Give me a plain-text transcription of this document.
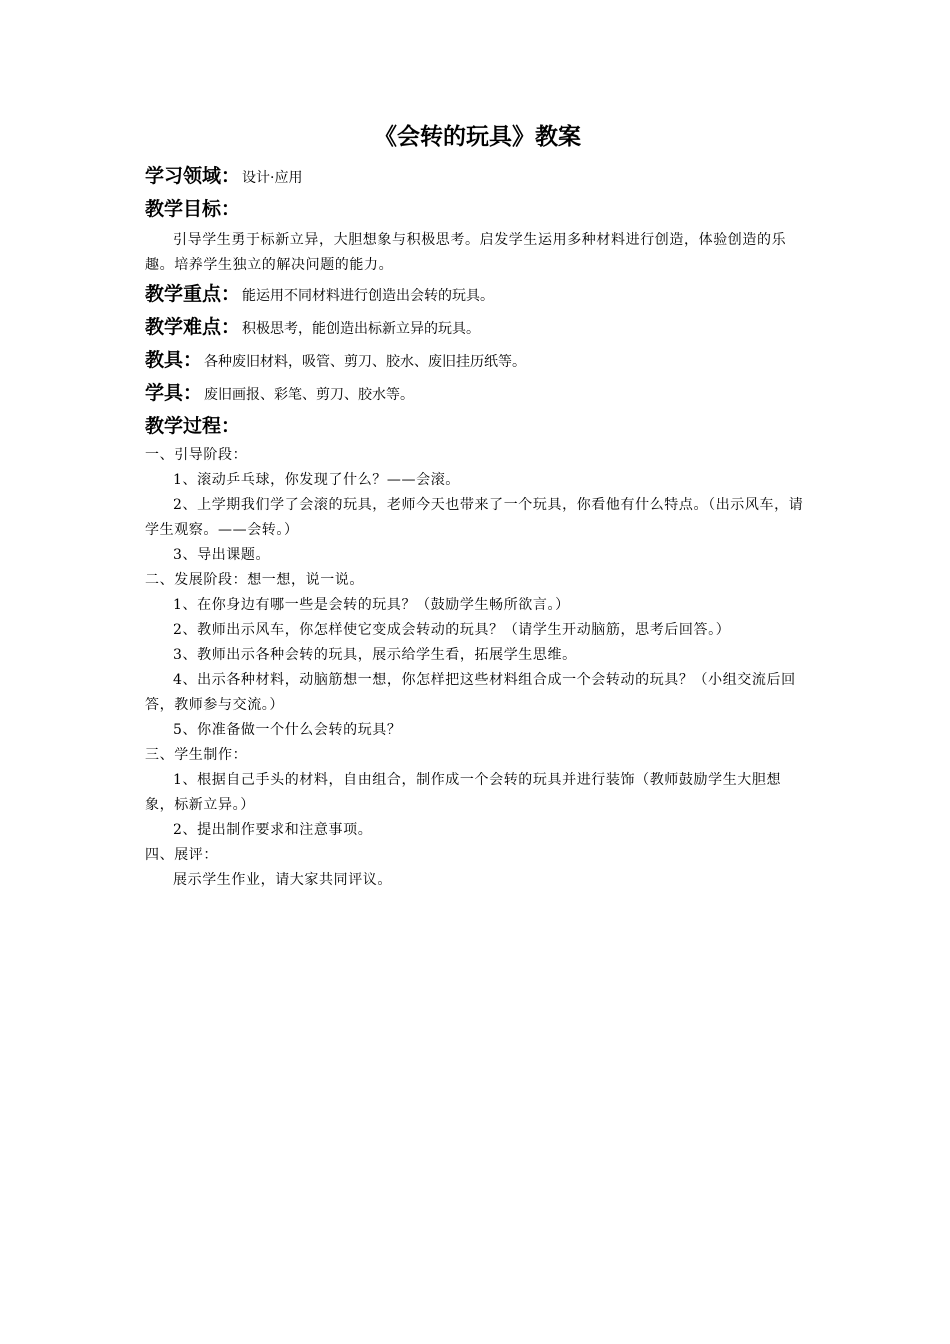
《会转的玩具》教案
学习领域： 设计·应用
教学目标：

引导学生勇于标新立异，大胆想象与积极思考。启发学生运用多种材料进行创造，体验创造的乐趣。培养学生独立的解决问题的能力。

教学重点： 能运用不同材料进行创造出会转的玩具。
教学难点： 积极思考，能创造出标新立异的玩具。
教具： 各种废旧材料，吸管、剪刀、胶水、废旧挂历纸等。
学具： 废旧画报、彩笔、剪刀、胶水等。
教学过程：

一、引导阶段：

1、滚动乒乓球，你发现了什么？——会滚。

2、上学期我们学了会滚的玩具，老师今天也带来了一个玩具，你看他有什么特点。（出示风车，请学生观察。——会转。）

3、导出课题。

二、发展阶段：想一想，说一说。

1、在你身边有哪一些是会转的玩具？（鼓励学生畅所欲言。）

2、教师出示风车，你怎样使它变成会转动的玩具？（请学生开动脑筋，思考后回答。）

3、教师出示各种会转的玩具，展示给学生看，拓展学生思维。

4、出示各种材料，动脑筋想一想，你怎样把这些材料组合成一个会转动的玩具？（小组交流后回答，教师参与交流。）

5、你准备做一个什么会转的玩具？

三、学生制作：

1、根据自己手头的材料，自由组合，制作成一个会转的玩具并进行装饰（教师鼓励学生大胆想象，标新立异。）

2、提出制作要求和注意事项。

四、展评：

展示学生作业，请大家共同评议。
